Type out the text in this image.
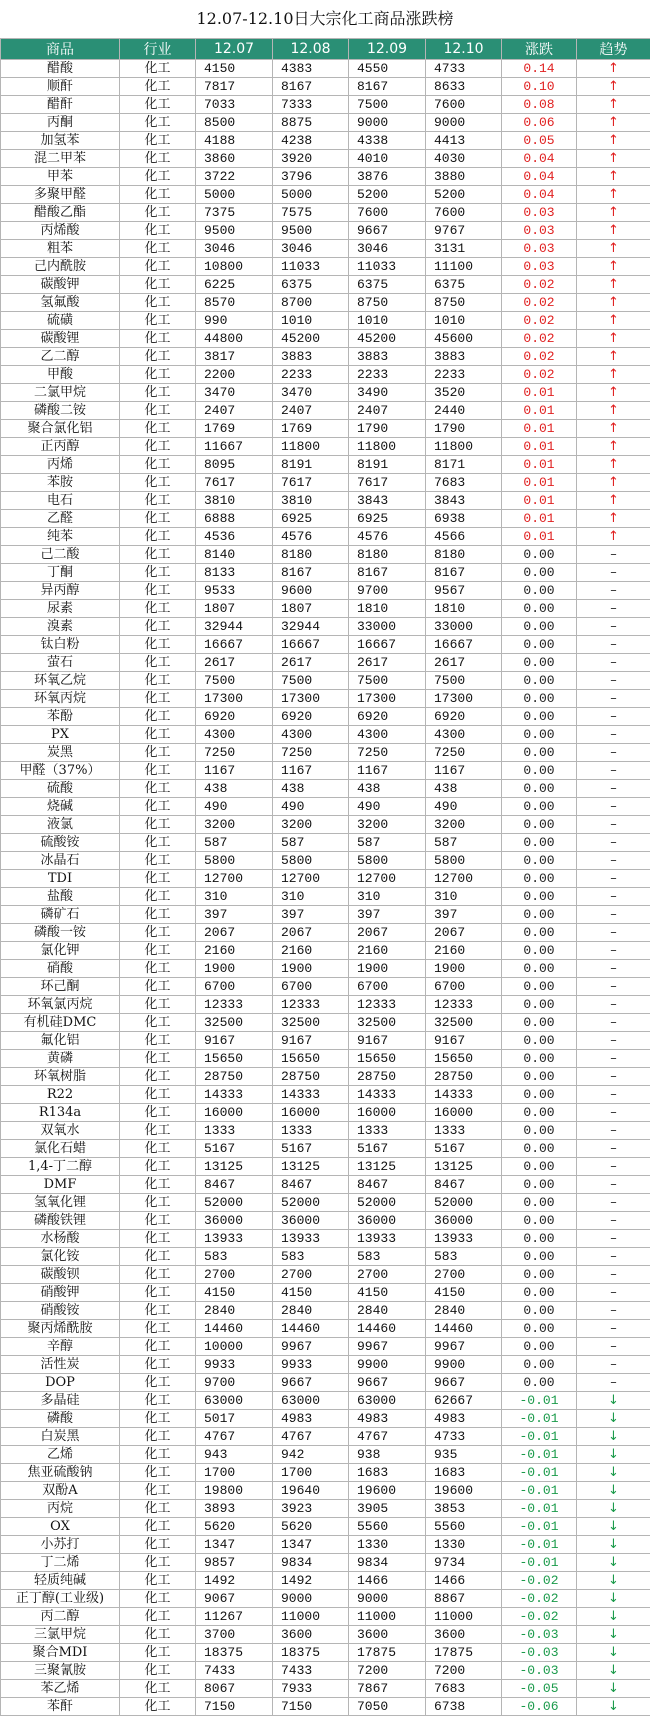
12.07-12.10日大宗化工商品涨跌榜
商品	行业	12.07	12.08	12.09	12.10	涨跌	趋势
醋酸	化工	4150	4383	4550	4733	0.14	↑
顺酐	化工	7817	8167	8167	8633	0.10	↑
醋酐	化工	7033	7333	7500	7600	0.08	↑
丙酮	化工	8500	8875	9000	9000	0.06	↑
加氢苯	化工	4188	4238	4338	4413	0.05	↑
混二甲苯	化工	3860	3920	4010	4030	0.04	↑
甲苯	化工	3722	3796	3876	3880	0.04	↑
多聚甲醛	化工	5000	5000	5200	5200	0.04	↑
醋酸乙酯	化工	7375	7575	7600	7600	0.03	↑
丙烯酸	化工	9500	9500	9667	9767	0.03	↑
粗苯	化工	3046	3046	3046	3131	0.03	↑
己内酰胺	化工	10800	11033	11033	11100	0.03	↑
碳酸钾	化工	6225	6375	6375	6375	0.02	↑
氢氟酸	化工	8570	8700	8750	8750	0.02	↑
硫磺	化工	990	1010	1010	1010	0.02	↑
碳酸锂	化工	44800	45200	45200	45600	0.02	↑
乙二醇	化工	3817	3883	3883	3883	0.02	↑
甲酸	化工	2200	2233	2233	2233	0.02	↑
二氯甲烷	化工	3470	3470	3490	3520	0.01	↑
磷酸二铵	化工	2407	2407	2407	2440	0.01	↑
聚合氯化铝	化工	1769	1769	1790	1790	0.01	↑
正丙醇	化工	11667	11800	11800	11800	0.01	↑
丙烯	化工	8095	8191	8191	8171	0.01	↑
苯胺	化工	7617	7617	7617	7683	0.01	↑
电石	化工	3810	3810	3843	3843	0.01	↑
乙醛	化工	6888	6925	6925	6938	0.01	↑
纯苯	化工	4536	4576	4576	4566	0.01	↑
己二酸	化工	8140	8180	8180	8180	0.00	–
丁酮	化工	8133	8167	8167	8167	0.00	–
异丙醇	化工	9533	9600	9700	9567	0.00	–
尿素	化工	1807	1807	1810	1810	0.00	–
溴素	化工	32944	32944	33000	33000	0.00	–
钛白粉	化工	16667	16667	16667	16667	0.00	–
萤石	化工	2617	2617	2617	2617	0.00	–
环氧乙烷	化工	7500	7500	7500	7500	0.00	–
环氧丙烷	化工	17300	17300	17300	17300	0.00	–
苯酚	化工	6920	6920	6920	6920	0.00	–
PX	化工	4300	4300	4300	4300	0.00	–
炭黑	化工	7250	7250	7250	7250	0.00	–
甲醛（37%）	化工	1167	1167	1167	1167	0.00	–
硫酸	化工	438	438	438	438	0.00	–
烧碱	化工	490	490	490	490	0.00	–
液氯	化工	3200	3200	3200	3200	0.00	–
硫酸铵	化工	587	587	587	587	0.00	–
冰晶石	化工	5800	5800	5800	5800	0.00	–
TDI	化工	12700	12700	12700	12700	0.00	–
盐酸	化工	310	310	310	310	0.00	–
磷矿石	化工	397	397	397	397	0.00	–
磷酸一铵	化工	2067	2067	2067	2067	0.00	–
氯化钾	化工	2160	2160	2160	2160	0.00	–
硝酸	化工	1900	1900	1900	1900	0.00	–
环己酮	化工	6700	6700	6700	6700	0.00	–
环氧氯丙烷	化工	12333	12333	12333	12333	0.00	–
有机硅DMC	化工	32500	32500	32500	32500	0.00	–
氟化铝	化工	9167	9167	9167	9167	0.00	–
黄磷	化工	15650	15650	15650	15650	0.00	–
环氧树脂	化工	28750	28750	28750	28750	0.00	–
R22	化工	14333	14333	14333	14333	0.00	–
R134a	化工	16000	16000	16000	16000	0.00	–
双氧水	化工	1333	1333	1333	1333	0.00	–
氯化石蜡	化工	5167	5167	5167	5167	0.00	–
1,4-丁二醇	化工	13125	13125	13125	13125	0.00	–
DMF	化工	8467	8467	8467	8467	0.00	–
氢氧化锂	化工	52000	52000	52000	52000	0.00	–
磷酸铁锂	化工	36000	36000	36000	36000	0.00	–
水杨酸	化工	13933	13933	13933	13933	0.00	–
氯化铵	化工	583	583	583	583	0.00	–
碳酸钡	化工	2700	2700	2700	2700	0.00	–
硝酸钾	化工	4150	4150	4150	4150	0.00	–
硝酸铵	化工	2840	2840	2840	2840	0.00	–
聚丙烯酰胺	化工	14460	14460	14460	14460	0.00	–
辛醇	化工	10000	9967	9967	9967	0.00	–
活性炭	化工	9933	9933	9900	9900	0.00	–
DOP	化工	9700	9667	9667	9667	0.00	–
多晶硅	化工	63000	63000	63000	62667	-0.01	↓
磷酸	化工	5017	4983	4983	4983	-0.01	↓
白炭黑	化工	4767	4767	4767	4733	-0.01	↓
乙烯	化工	943	942	938	935	-0.01	↓
焦亚硫酸钠	化工	1700	1700	1683	1683	-0.01	↓
双酚A	化工	19800	19640	19600	19600	-0.01	↓
丙烷	化工	3893	3923	3905	3853	-0.01	↓
OX	化工	5620	5620	5560	5560	-0.01	↓
小苏打	化工	1347	1347	1330	1330	-0.01	↓
丁二烯	化工	9857	9834	9834	9734	-0.01	↓
轻质纯碱	化工	1492	1492	1466	1466	-0.02	↓
正丁醇(工业级)	化工	9067	9000	9000	8867	-0.02	↓
丙二醇	化工	11267	11000	11000	11000	-0.02	↓
三氯甲烷	化工	3700	3600	3600	3600	-0.03	↓
聚合MDI	化工	18375	18375	17875	17875	-0.03	↓
三聚氰胺	化工	7433	7433	7200	7200	-0.03	↓
苯乙烯	化工	8067	7933	7867	7683	-0.05	↓
苯酐	化工	7150	7150	7050	6738	-0.06	↓
